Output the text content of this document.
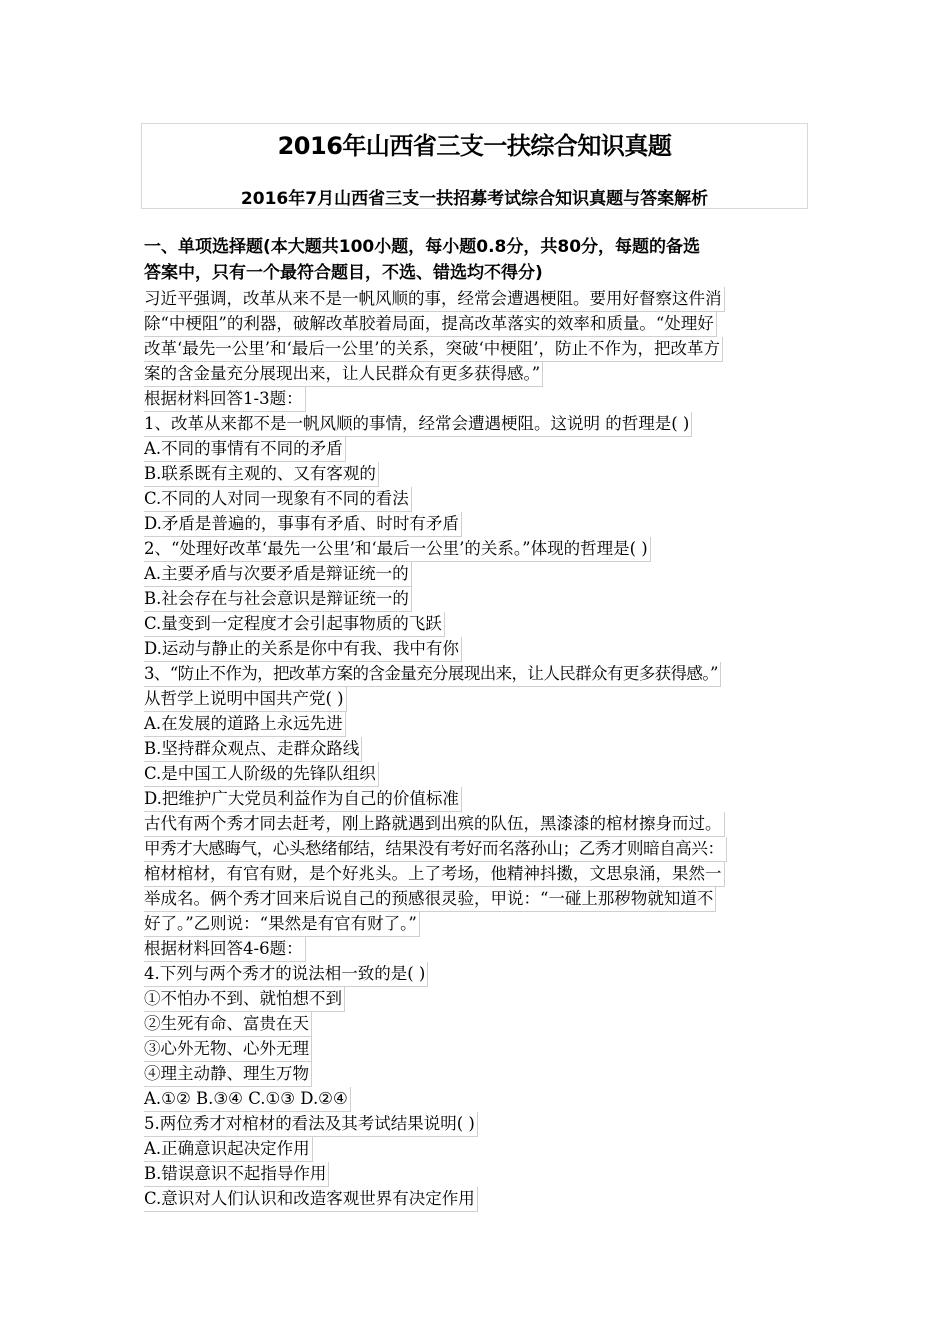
2016年山西省三支一扶综合知识真题
2016年7月山西省三支一扶招募考试综合知识真题与答案解析
一、单项选择题(本大题共100小题，每小题0.8分，共80分，每题的备选
答案中，只有一个最符合题目，不选、错选均不得分)
习近平强调，改革从来不是一帆风顺的事，经常会遭遇梗阻。要用好督察这件消
除“中梗阻”的利器，破解改革胶着局面，提高改革落实的效率和质量。“处理好
改革‘最先一公里’和‘最后一公里’的关系，突破‘中梗阻’，防止不作为，把改革方
案的含金量充分展现出来，让人民群众有更多获得感。”
根据材料回答1-3题：
1、改革从来都不是一帆风顺的事情，经常会遭遇梗阻。这说明 的哲理是( )
A.不同的事情有不同的矛盾
B.联系既有主观的、又有客观的
C.不同的人对同一现象有不同的看法
D.矛盾是普遍的，事事有矛盾、时时有矛盾
2、“处理好改革‘最先一公里’和‘最后一公里’的关系。”体现的哲理是( )
A.主要矛盾与次要矛盾是辩证统一的
B.社会存在与社会意识是辩证统一的
C.量变到一定程度才会引起事物质的飞跃
D.运动与静止的关系是你中有我、我中有你
3、“防止不作为，把改革方案的含金量充分展现出来，让人民群众有更多获得感。”
从哲学上说明中国共产党( )
A.在发展的道路上永远先进
B.坚持群众观点、走群众路线
C.是中国工人阶级的先锋队组织
D.把维护广大党员利益作为自己的价值标准
古代有两个秀才同去赶考，刚上路就遇到出殡的队伍，黑漆漆的棺材擦身而过。
甲秀才大感晦气，心头愁绪郁结，结果没有考好而名落孙山；乙秀才则暗自高兴：
棺材棺材，有官有财，是个好兆头。上了考场，他精神抖擞，文思泉涌，果然一
举成名。俩个秀才回来后说自己的预感很灵验，甲说：“一碰上那秽物就知道不
好了。”乙则说：“果然是有官有财了。”
根据材料回答4-6题：
4.下列与两个秀才的说法相一致的是( )
①不怕办不到、就怕想不到
②生死有命、富贵在天
③心外无物、心外无理
④理主动静、理生万物
A.①② B.③④ C.①③ D.②④
5.两位秀才对棺材的看法及其考试结果说明( )
A.正确意识起决定作用
B.错误意识不起指导作用
C.意识对人们认识和改造客观世界有决定作用
